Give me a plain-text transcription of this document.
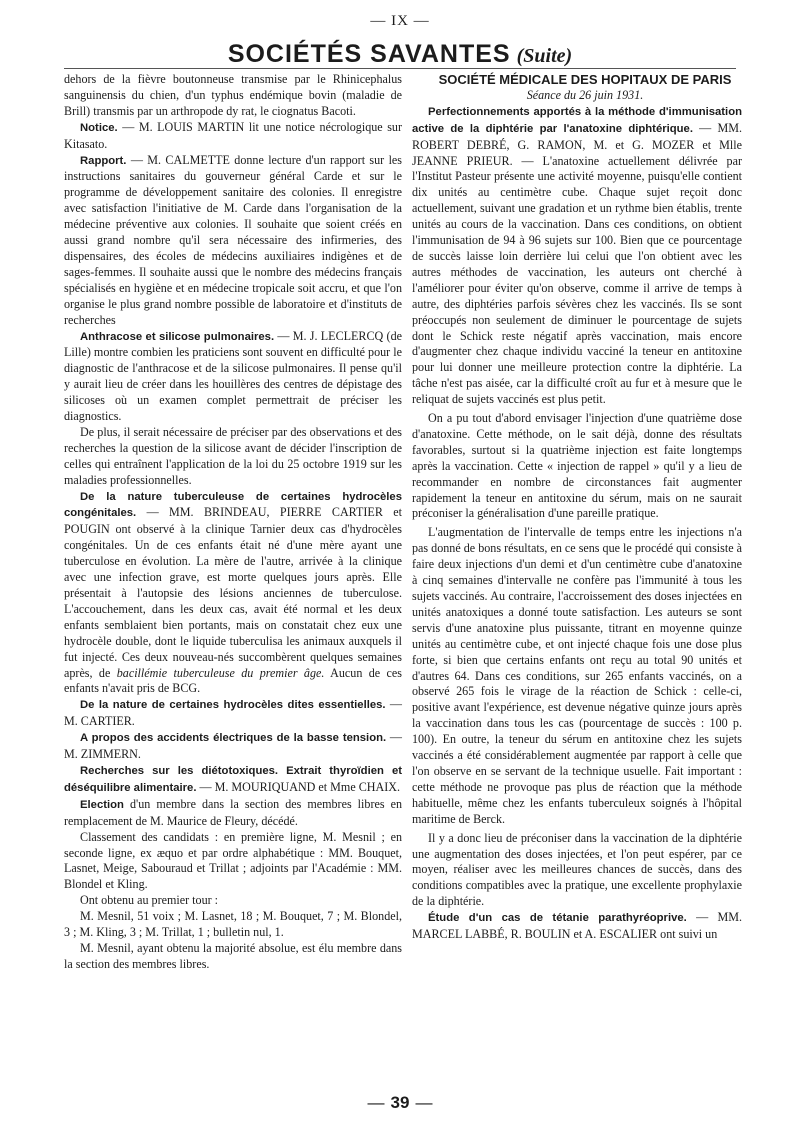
— IX —
SOCIÉTÉS SAVANTES (Suite)

dehors de la fièvre boutonneuse transmise par le Rhinicephalus sanguinensis du chien, d'un typhus endémique bovin (maladie de Brill) transmis par un arthropode dy rat, le ciognatus Bacoti.

Notice. — M. LOUIS MARTIN lit une notice nécrologique sur Kitasato.

Rapport. — M. CALMETTE donne lecture d'un rapport sur les instructions sanitaires du gouverneur général Carde et sur le programme de développement sanitaire des colonies. Il enregistre avec satisfaction l'initiative de M. Carde dans l'organisation de la médecine préventive aux colonies. Il souhaite que soient créés en aussi grand nombre qu'il sera nécessaire des infirmeries, des dispensaires, des écoles de médecins auxiliaires indigènes et de sages-femmes. Il souhaite aussi que le nombre des médecins français spécialisés en hygiène et en médecine tropicale soit accru, et que l'on organise le plus grand nombre possible de laboratoire et d'instituts de recherches

Anthracose et silicose pulmonaires. — M. J. LECLERCQ (de Lille) montre combien les praticiens sont souvent en difficulté pour le diagnostic de l'anthracose et de la silicose pulmonaires. Il pense qu'il y aurait lieu de créer dans les houillères des centres de dépistage des silicoses où un examen complet permettrait de préciser les diagnostics.

De plus, il serait nécessaire de préciser par des observations et des recherches la question de la silicose avant de décider l'inscription de celles qui entraînent l'application de la loi du 25 octobre 1919 sur les maladies professionnelles.

De la nature tuberculeuse de certaines hydrocèles congénitales. — MM. BRINDEAU, PIERRE CARTIER et POUGIN ont observé à la clinique Tarnier deux cas d'hydrocèles congénitales. Un de ces enfants était né d'une mère ayant une tuberculose en évolution. La mère de l'autre, arrivée à la clinique avec une infection grave, est morte quelques jours après. Elle présentait à l'autopsie des lésions anciennes de tuberculose. L'accouchement, dans les deux cas, avait été normal et les deux enfants semblaient bien portants, mais on constatait chez eux une hydrocèle double, dont le liquide tuberculisa les animaux auxquels il fut injecté. Ces deux nouveau-nés succombèrent quelques semaines après, de bacillémie tuberculeuse du premier âge. Aucun de ces enfants n'avait pris de BCG.

De la nature de certaines hydrocèles dites essentielles. — M. CARTIER.

A propos des accidents électriques de la basse tension. — M. ZIMMERN.

Recherches sur les diétotoxiques. Extrait thyroïdien et déséquilibre alimentaire. — M. MOURIQUAND et Mme CHAIX.

Election d'un membre dans la section des membres libres en remplacement de M. Maurice de Fleury, décédé.

Classement des candidats : en première ligne, M. Mesnil ; en seconde ligne, ex æquo et par ordre alphabétique : MM. Bouquet, Lasnet, Meige, Sabouraud et Trillat ; adjoints par l'Académie : MM. Blondel et Kling.

Ont obtenu au premier tour :

M. Mesnil, 51 voix ; M. Lasnet, 18 ; M. Bouquet, 7 ; M. Blondel, 3 ; M. Kling, 3 ; M. Trillat, 1 ; bulletin nul, 1.

M. Mesnil, ayant obtenu la majorité absolue, est élu membre dans la section des membres libres.

SOCIÉTÉ MÉDICALE DES HOPITAUX DE PARIS

Séance du 26 juin 1931.

Perfectionnements apportés à la méthode d'immunisation active de la diphtérie par l'anatoxine diphtérique. — MM. ROBERT DEBRÉ, G. RAMON, M. et G. MOZER et Mlle JEANNE PRIEUR. — L'anatoxine actuellement délivrée par l'Institut Pasteur présente une activité moyenne, puisqu'elle contient dix unités au centimètre cube. Chaque sujet reçoit donc actuellement, suivant une gradation et un rythme bien établis, trente unités au cours de la vaccination. Dans ces conditions, on obtient l'immunisation de 94 à 96 sujets sur 100. Bien que ce pourcentage de succès laisse loin derrière lui celui que l'on obtient avec les autres méthodes de vaccination, les auteurs ont cherché à l'améliorer pour éviter qu'on observe, comme il arrive de temps à autre, des diphtéries parfois sévères chez les vaccinés. Ils se sont préoccupés non seulement de diminuer le pourcentage de sujets dont le Schick reste négatif après vaccination, mais encore d'augmenter chez chaque individu vacciné la teneur en antitoxine pour lui donner une meilleure protection contre la diphtérie. La tâche n'est pas aisée, car la difficulté croît au fur et à mesure que le reliquat de sujets vaccinés est plus petit.

On a pu tout d'abord envisager l'injection d'une quatrième dose d'anatoxine. Cette méthode, on le sait déjà, donne des résultats favorables, surtout si la quatrième injection est faite longtemps après la vaccination. Cette « injection de rappel » qu'il y a lieu de recommander en nombre de circonstances fait augmenter rapidement la teneur en antitoxine du sérum, mais on ne saurait préconiser la généralisation d'une pareille pratique.

L'augmentation de l'intervalle de temps entre les injections n'a pas donné de bons résultats, en ce sens que le procédé qui consiste à faire deux injections d'un demi et d'un centimètre cube d'anatoxine à cinq semaines d'intervalle ne confère pas l'immunité à tous les sujets vaccinés. Au contraire, l'accroissement des doses injectées en unités anatoxiques a donné toute satisfaction. Les auteurs se sont servis d'une anatoxine plus puissante, titrant en moyenne quinze unités au centimètre cube, et ont injecté chaque fois une dose plus forte, si bien que certains enfants ont reçu au total 90 unités et d'autres 64. Dans ces conditions, sur 265 enfants vaccinés, on a observé 265 fois le virage de la réaction de Schick : celle-ci, positive avant l'expérience, est devenue négative quinze jours après la vaccination dans tous les cas (pourcentage de succès : 100 p. 100). En outre, la teneur du sérum en antitoxine chez les sujets vaccinés a été considérablement augmentée par rapport à celle que l'on observe en se servant de la technique usuelle. Fait important : cette méthode ne provoque pas plus de réaction que la méthode habituelle, même chez les enfants tuberculeux soignés à l'hôpital maritime de Berck.

Il y a donc lieu de préconiser dans la vaccination de la diphtérie une augmentation des doses injectées, et l'on peut espérer, par ce moyen, réaliser avec les meilleures chances de succès, dans des conditions compatibles avec la pratique, une excellente prophylaxie de la diphtérie.

Étude d'un cas de tétanie parathyréoprive. — MM. MARCEL LABBÉ, R. BOULIN et A. ESCALIER ont suivi un

— 39 —
